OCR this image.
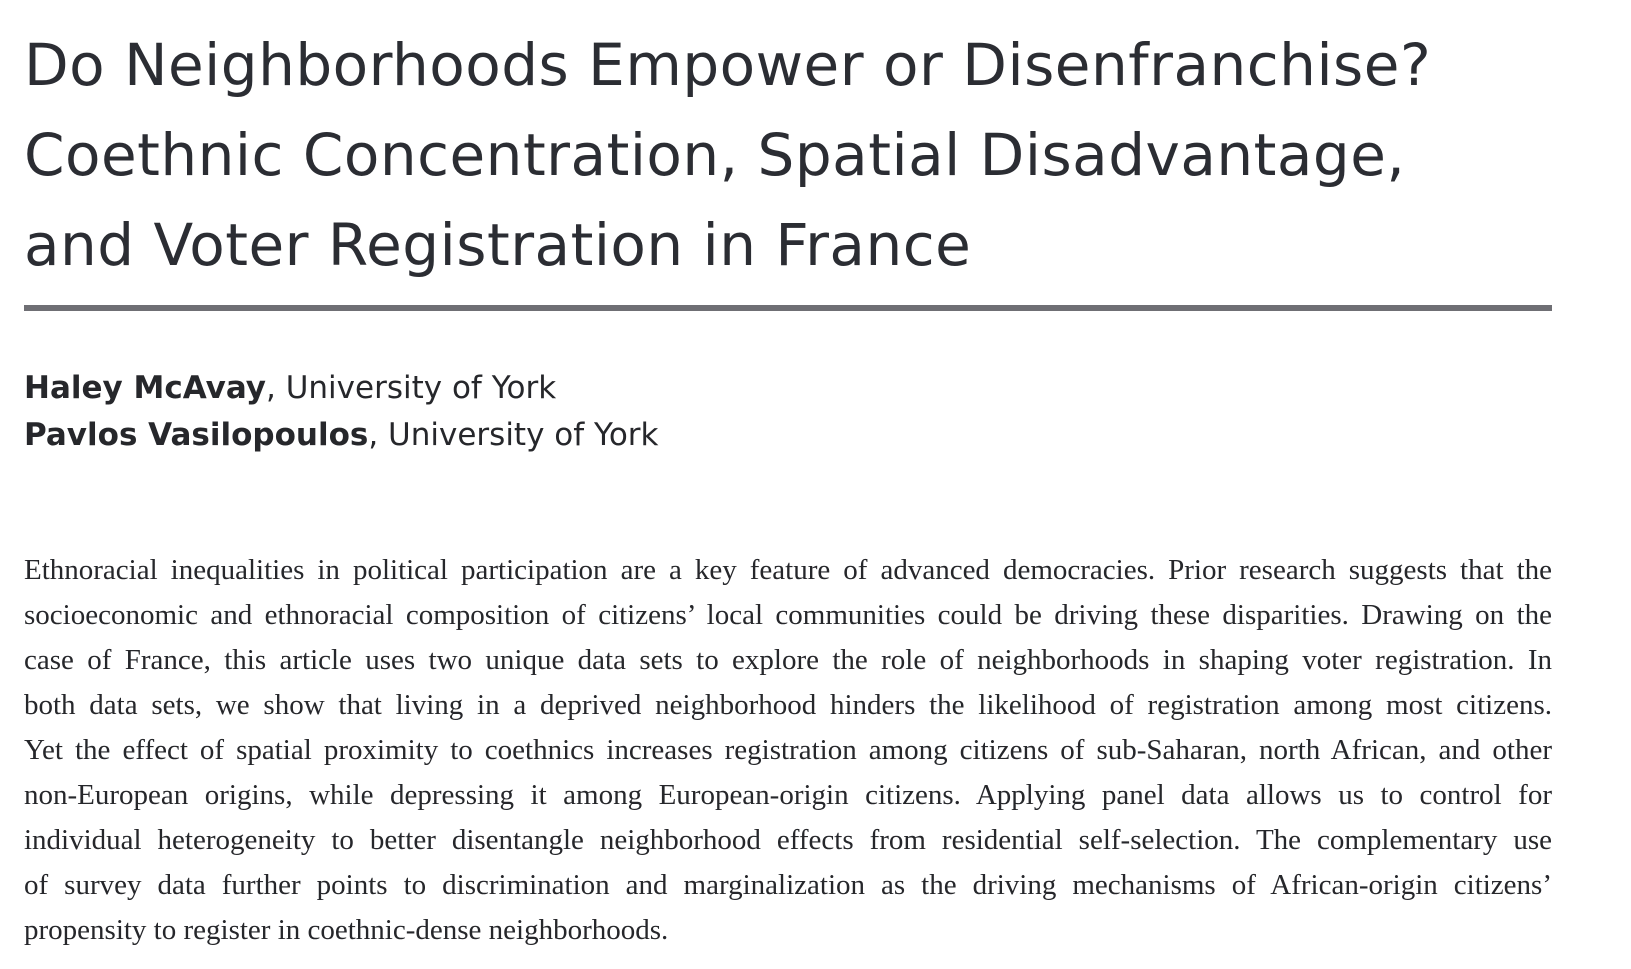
Do Neighborhoods Empower or Disenfranchise?
Coethnic Concentration, Spatial Disadvantage,
and Voter Registration in France
Haley McAvay, University of York
Pavlos Vasilopoulos, University of York
Ethnoracial inequalities in political participation are a key feature of advanced democracies. Prior research suggests that the
socioeconomic and ethnoracial composition of citizens’ local communities could be driving these disparities. Drawing on the
case of France, this article uses two unique data sets to explore the role of neighborhoods in shaping voter registration. In
both data sets, we show that living in a deprived neighborhood hinders the likelihood of registration among most citizens.
Yet the effect of spatial proximity to coethnics increases registration among citizens of sub-Saharan, north African, and other
non-European origins, while depressing it among European-origin citizens. Applying panel data allows us to control for
individual heterogeneity to better disentangle neighborhood effects from residential self-selection. The complementary use
of survey data further points to discrimination and marginalization as the driving mechanisms of African-origin citizens’
propensity to register in coethnic-dense neighborhoods.
